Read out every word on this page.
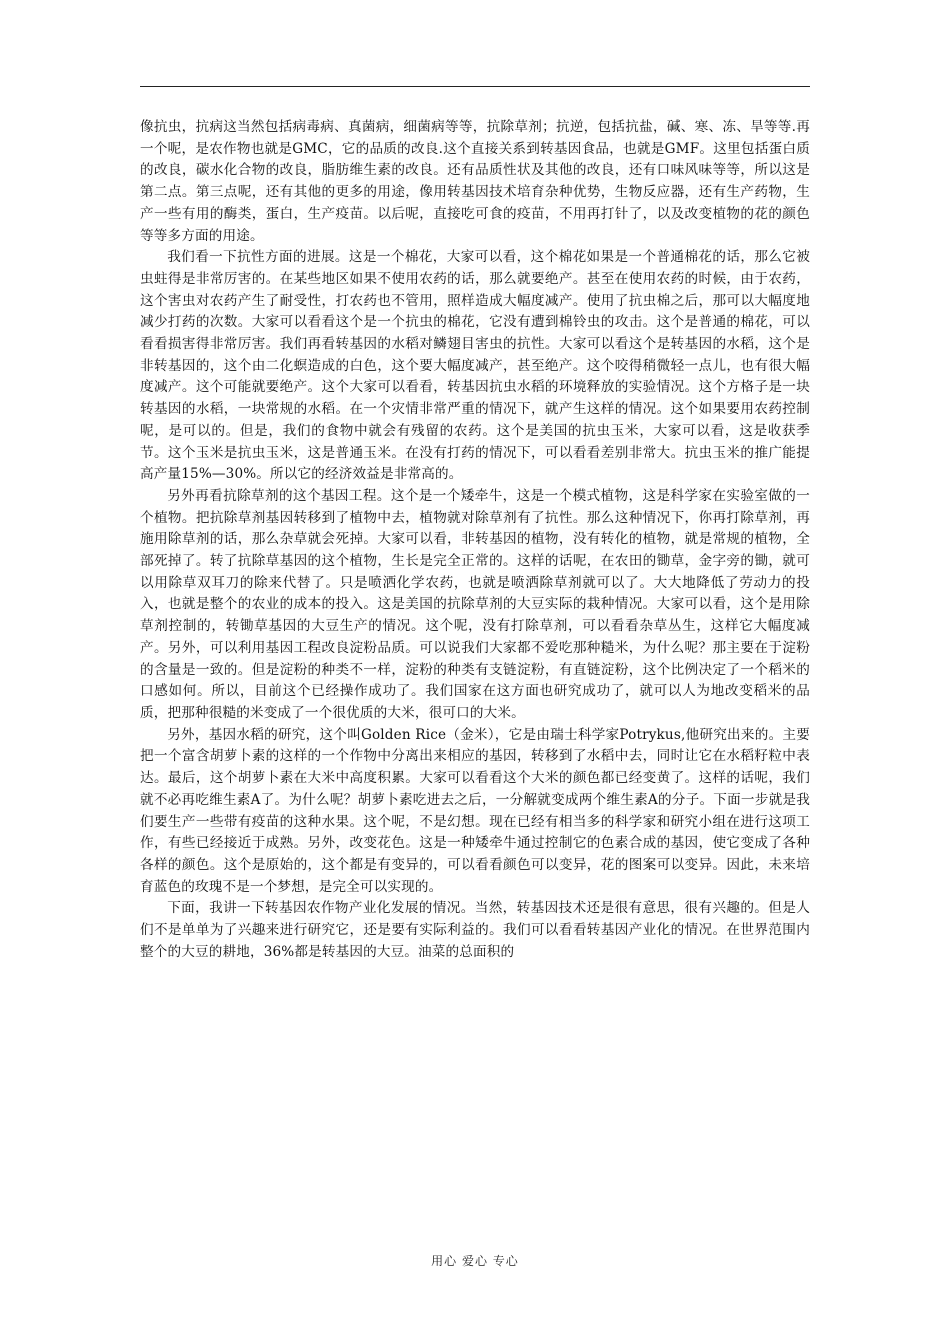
像抗虫，抗病这当然包括病毒病、真菌病，细菌病等等，抗除草剂；抗逆，包括抗盐，碱、寒、冻、旱等等.再一个呢，是农作物也就是GMC，它的品质的改良.这个直接关系到转基因食品，也就是GMF。这里包括蛋白质的改良，碳水化合物的改良，脂肪维生素的改良。还有品质性状及其他的改良，还有口味风味等等，所以这是第二点。第三点呢，还有其他的更多的用途，像用转基因技术培育杂种优势，生物反应器，还有生产药物，生产一些有用的酶类，蛋白，生产疫苗。以后呢，直接吃可食的疫苗，不用再打针了，以及改变植物的花的颜色等等多方面的用途。

我们看一下抗性方面的进展。这是一个棉花，大家可以看，这个棉花如果是一个普通棉花的话，那么它被虫蛀得是非常厉害的。在某些地区如果不使用农药的话，那么就要绝产。甚至在使用农药的时候，由于农药，这个害虫对农药产生了耐受性，打农药也不管用，照样造成大幅度减产。使用了抗虫棉之后，那可以大幅度地减少打药的次数。大家可以看看这个是一个抗虫的棉花，它没有遭到棉铃虫的攻击。这个是普通的棉花，可以看看损害得非常厉害。我们再看转基因的水稻对鳞翅目害虫的抗性。大家可以看这个是转基因的水稻，这个是非转基因的，这个由二化螟造成的白色，这个要大幅度减产，甚至绝产。这个咬得稍微轻一点儿，也有很大幅度减产。这个可能就要绝产。这个大家可以看看，转基因抗虫水稻的环境释放的实验情况。这个方格子是一块转基因的水稻，一块常规的水稻。在一个灾情非常严重的情况下，就产生这样的情况。这个如果要用农药控制呢，是可以的。但是，我们的食物中就会有残留的农药。这个是美国的抗虫玉米，大家可以看，这是收获季节。这个玉米是抗虫玉米，这是普通玉米。在没有打药的情况下，可以看看差别非常大。抗虫玉米的推广能提高产量15%—30%。所以它的经济效益是非常高的。

另外再看抗除草剂的这个基因工程。这个是一个矮牵牛，这是一个模式植物，这是科学家在实验室做的一个植物。把抗除草剂基因转移到了植物中去，植物就对除草剂有了抗性。那么这种情况下，你再打除草剂，再施用除草剂的话，那么杂草就会死掉。大家可以看，非转基因的植物，没有转化的植物，就是常规的植物，全部死掉了。转了抗除草基因的这个植物，生长是完全正常的。这样的话呢，在农田的锄草，金字旁的锄，就可以用除草双耳刀的除来代替了。只是喷洒化学农药，也就是喷洒除草剂就可以了。大大地降低了劳动力的投入，也就是整个的农业的成本的投入。这是美国的抗除草剂的大豆实际的栽种情况。大家可以看，这个是用除草剂控制的，转锄草基因的大豆生产的情况。这个呢，没有打除草剂，可以看看杂草丛生，这样它大幅度减产。另外，可以利用基因工程改良淀粉品质。可以说我们大家都不爱吃那种糙米，为什么呢？那主要在于淀粉的含量是一致的。但是淀粉的种类不一样，淀粉的种类有支链淀粉，有直链淀粉，这个比例决定了一个稻米的口感如何。所以，目前这个已经操作成功了。我们国家在这方面也研究成功了，就可以人为地改变稻米的品质，把那种很糙的米变成了一个很优质的大米，很可口的大米。

另外，基因水稻的研究，这个叫Golden Rice（金米），它是由瑞士科学家Potrykus,他研究出来的。主要把一个富含胡萝卜素的这样的一个作物中分离出来相应的基因，转移到了水稻中去，同时让它在水稻籽粒中表达。最后，这个胡萝卜素在大米中高度积累。大家可以看看这个大米的颜色都已经变黄了。这样的话呢，我们就不必再吃维生素A了。为什么呢？胡萝卜素吃进去之后，一分解就变成两个维生素A的分子。下面一步就是我们要生产一些带有疫苗的这种水果。这个呢，不是幻想。现在已经有相当多的科学家和研究小组在进行这项工作，有些已经接近于成熟。另外，改变花色。这是一种矮牵牛通过控制它的色素合成的基因，使它变成了各种各样的颜色。这个是原始的，这个都是有变异的，可以看看颜色可以变异，花的图案可以变异。因此，未来培育蓝色的玫瑰不是一个梦想，是完全可以实现的。

下面，我讲一下转基因农作物产业化发展的情况。当然，转基因技术还是很有意思，很有兴趣的。但是人们不是单单为了兴趣来进行研究它，还是要有实际利益的。我们可以看看转基因产业化的情况。在世界范围内整个的大豆的耕地，36%都是转基因的大豆。油菜的总面积的

用心 爱心 专心
